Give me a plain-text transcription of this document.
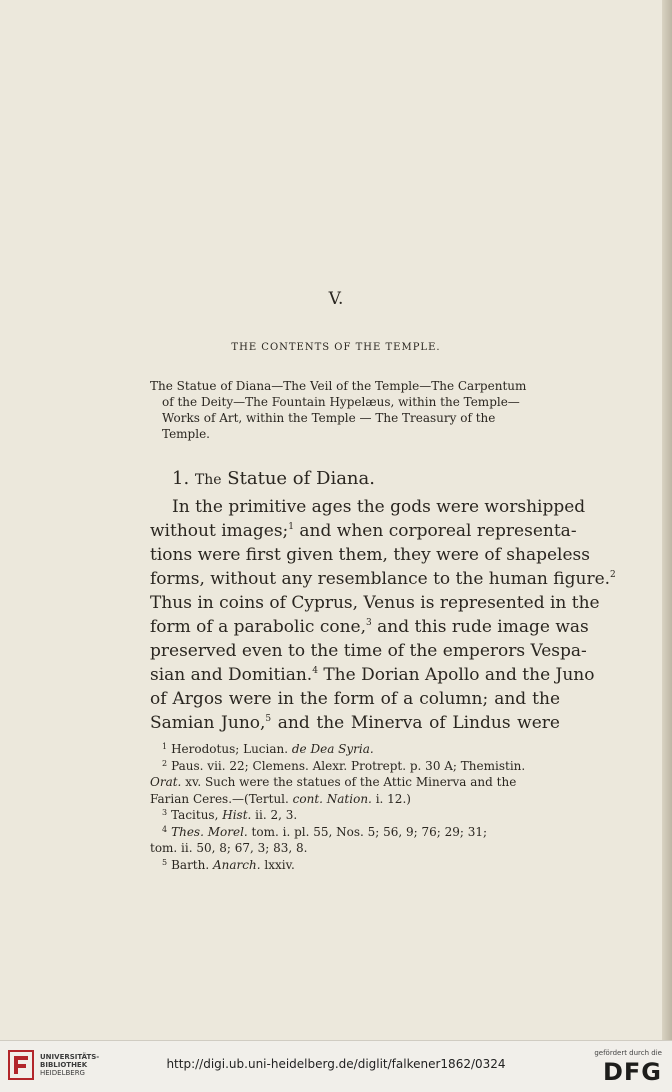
V.
THE CONTENTS OF THE TEMPLE.
The Statue of Diana—The Veil of the Temple—The Carpentum
of the Deity—The Fountain Hypelæus, within the Temple—
Works of Art, within the Temple — The Treasury of the
Temple.
1. The Statue of Diana.
In the primitive ages the gods were worshipped
without images;$^1$ and when corporeal representa-
tions were first given them, they were of shapeless
forms, without any resemblance to the human figure.$^2$
Thus in coins of Cyprus, Venus is represented in the
form of a parabolic cone,$^3$ and this rude image was
preserved even to the time of the emperors Vespa-
sian and Domitian.$^4$ The Dorian Apollo and the Juno
of Argos were in the form of a column; and the
Samian Juno,$^5$ and the Minerva of Lindus were
$^1$ Herodotus; Lucian. de Dea Syria.
$^2$ Paus. vii. 22; Clemens. Alexr. Protrept. p. 30 A; Themistin.
Orat. xv. Such were the statues of the Attic Minerva and the
Farian Ceres.—(Tertul. cont. Nation. i. 12.)
$^3$ Tacitus, Hist. ii. 2, 3.
$^4$ Thes. Morel. tom. i. pl. 55, Nos. 5; 56, 9; 76; 29; 31;
tom. ii. 50, 8; 67, 3; 83, 8.
$^5$ Barth. Anarch. lxxiv.
UNIVERSITÄTS-
BIBLIOTHEK
HEIDELBERG
http://digi.ub.uni-heidelberg.de/diglit/falkener1862/0324
gefördert durch die
DFG
